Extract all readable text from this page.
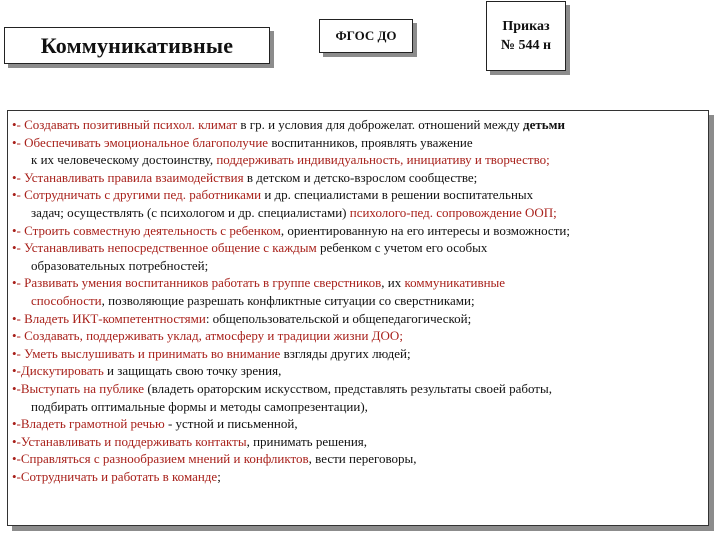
Коммуникативные	ФГОС ДО
Приказ
№ 544 н

•- Создавать позитивный психол. климат в гр. и условия для доброжелат. отношений между детьми

•- Обеспечивать эмоциональное благополучие воспитанников, проявлять уважение
к их человеческому достоинству, поддерживать индивидуальность, инициативу и творчество;

•- Устанавливать правила взаимодействия в детском и детско-взрослом сообществе;

•- Сотрудничать с другими пед. работниками и др. специалистами в решении воспитательных
задач; осуществлять (с психологом и др. специалистами) психолого-пед. сопровождение ООП;

•- Строить совместную деятельность с ребенком, ориентированную на его интересы и возможности;

•- Устанавливать непосредственное общение с каждым ребенком с учетом его особых
образовательных потребностей;

•- Развивать умения воспитанников работать в группе сверстников, их коммуникативные
способности, позволяющие разрешать конфликтные ситуации со сверстниками;

•- Владеть ИКТ-компетентностями: общепользовательской и общепедагогической;

•- Создавать, поддерживать уклад, атмосферу и традиции жизни ДОО;

•- Уметь выслушивать и принимать во внимание взгляды других людей;

•-Дискутировать и защищать свою точку зрения,

•-Выступать на публике (владеть ораторским искусством, представлять результаты своей работы,
подбирать оптимальные формы и методы самопрезентации),

•-Владеть грамотной речью - устной и письменной,

•-Устанавливать и поддерживать контакты, принимать решения,

•-Справляться с разнообразием мнений и конфликтов, вести переговоры,

•-Сотрудничать и работать в команде;
